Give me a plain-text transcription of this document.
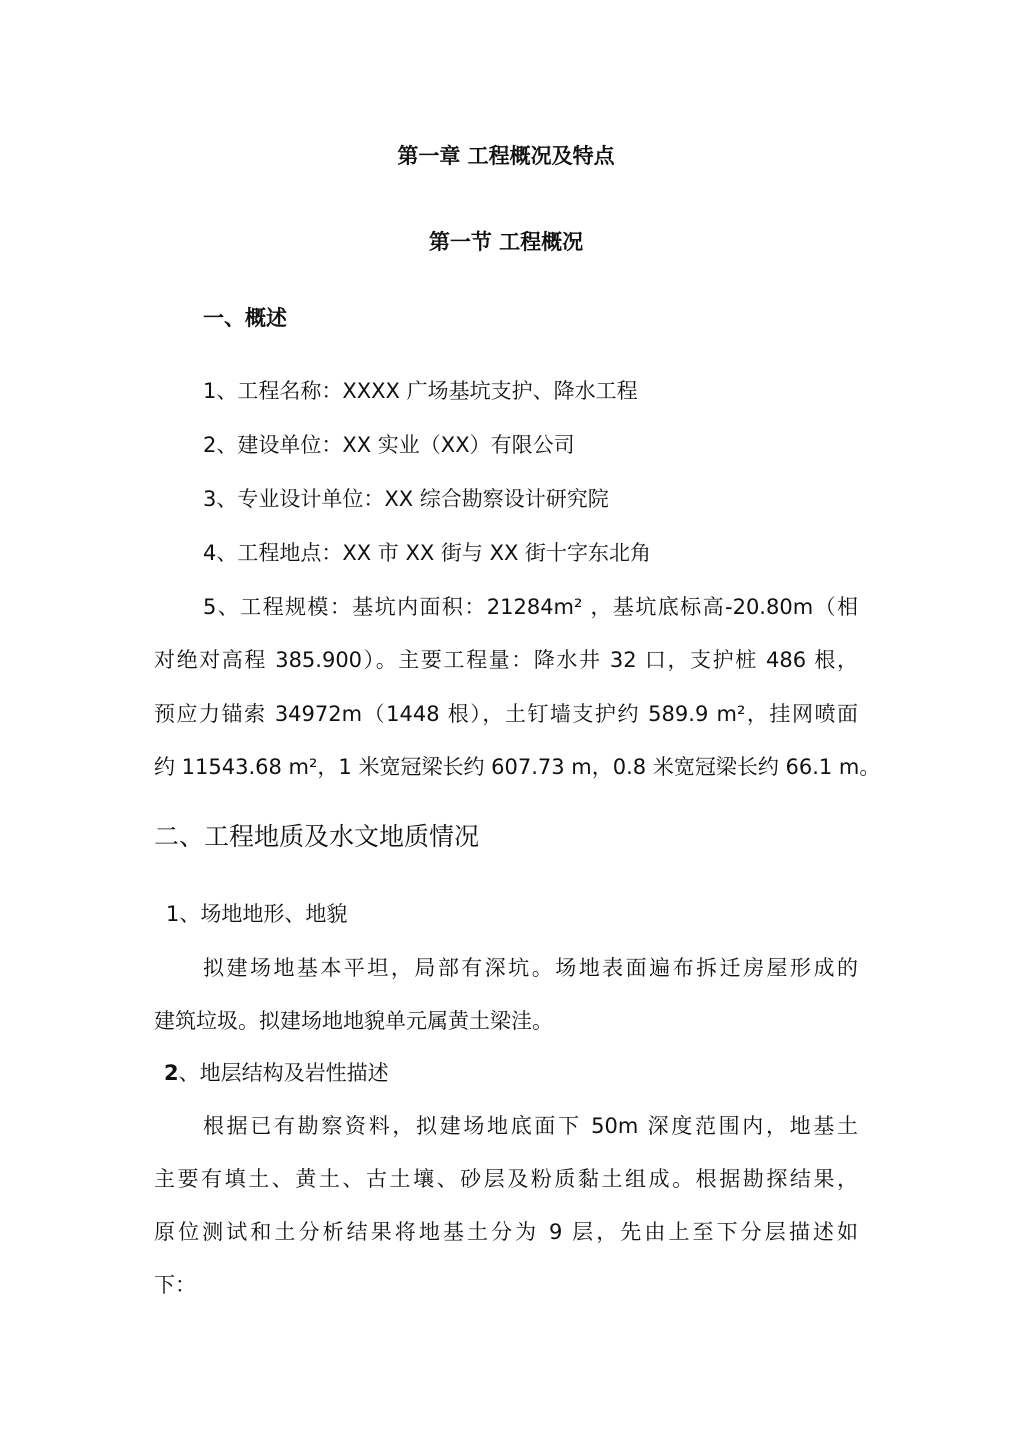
第一章 工程概况及特点
第一节 工程概况
一、概述
1、工程名称：XXXX 广场基坑支护、降水工程
2、建设单位：XX 实业（XX）有限公司
3、专业设计单位：XX 综合勘察设计研究院
4、工程地点：XX 市 XX 街与 XX 街十字东北角
5、工程规模：基坑内面积：21284m² ，基坑底标高-20.80m（相
对绝对高程 385.900）。主要工程量：降水井 32 口，支护桩 486 根，
预应力锚索 34972m（1448 根），土钉墙支护约 589.9 m²，挂网喷面
约 11543.68 m²，1 米宽冠梁长约 607.73 m，0.8 米宽冠梁长约 66.1 m。
二、工程地质及水文地质情况
1、场地地形、地貌
拟建场地基本平坦，局部有深坑。场地表面遍布拆迁房屋形成的
建筑垃圾。拟建场地地貌单元属黄土梁洼。
2、地层结构及岩性描述
根据已有勘察资料，拟建场地底面下 50m 深度范围内，地基土
主要有填土、黄土、古土壤、砂层及粉质黏土组成。根据勘探结果，
原位测试和土分析结果将地基土分为 9 层，先由上至下分层描述如
下：
